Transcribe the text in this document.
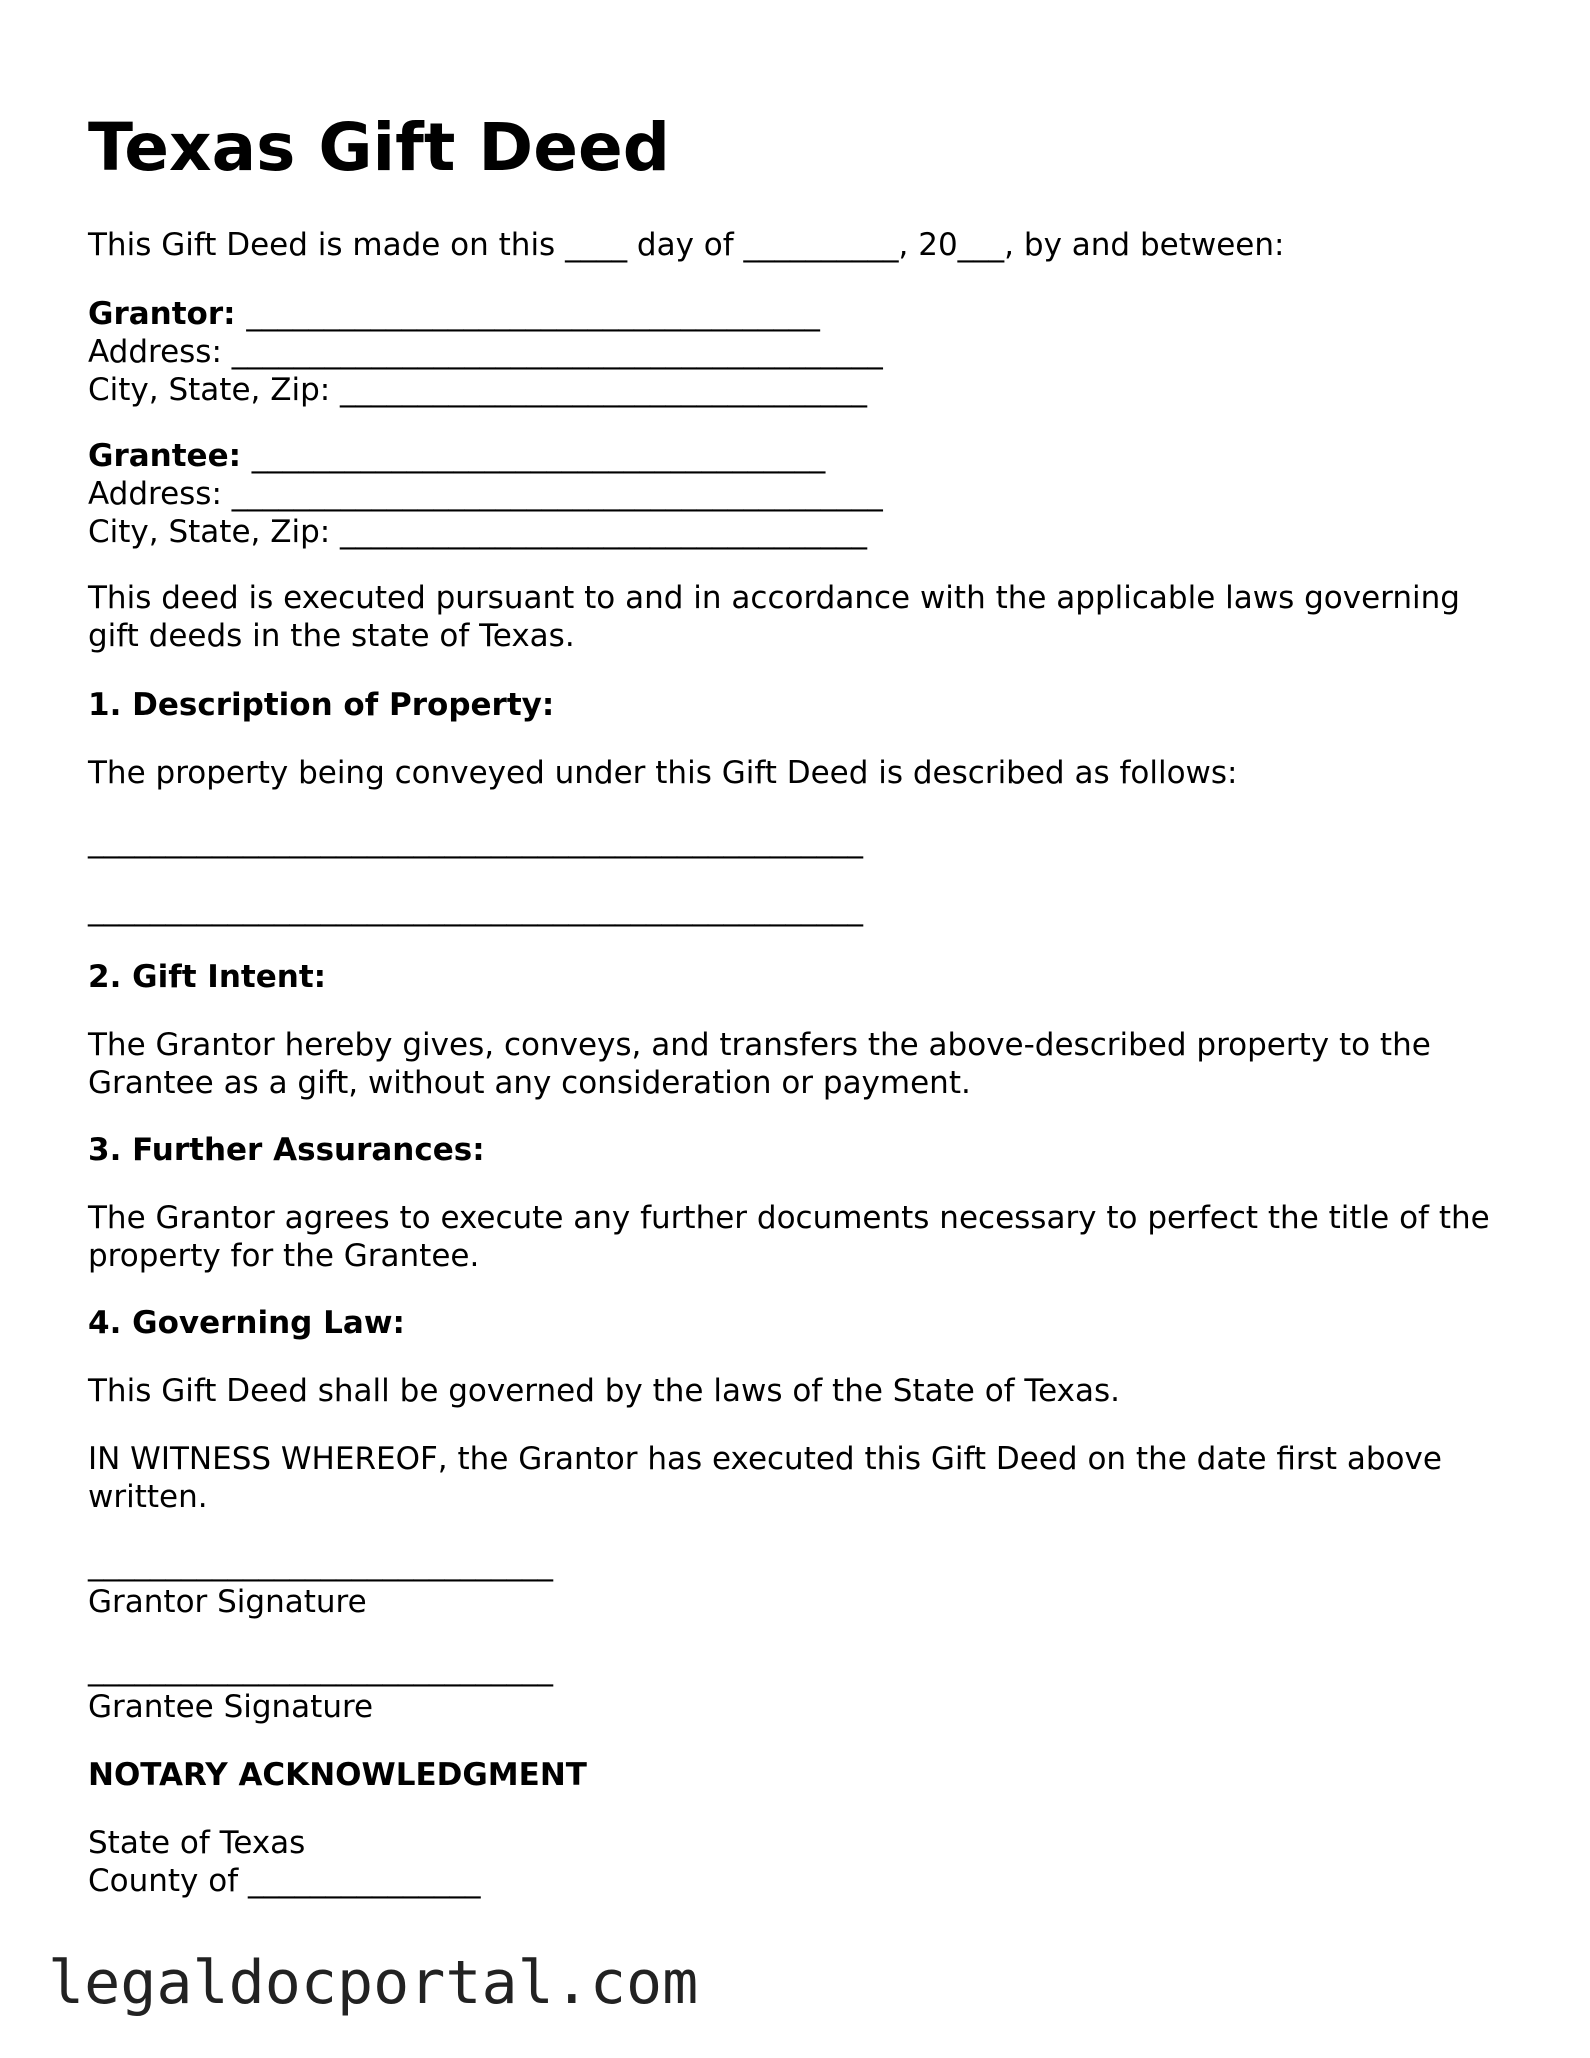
Texas Gift Deed
This Gift Deed is made on this ____ day of __________, 20___, by and between:
Grantor: _____________________________________
Address: __________________________________________
City, State, Zip: __________________________________
Grantee: _____________________________________
Address: __________________________________________
City, State, Zip: __________________________________
This deed is executed pursuant to and in accordance with the applicable laws governing gift deeds in the state of Texas.
1. Description of Property:
The property being conveyed under this Gift Deed is described as follows:
__________________________________________________
__________________________________________________
2. Gift Intent:
The Grantor hereby gives, conveys, and transfers the above-described property to the Grantee as a gift, without any consideration or payment.
3. Further Assurances:
The Grantor agrees to execute any further documents necessary to perfect the title of the property for the Grantee.
4. Governing Law:
This Gift Deed shall be governed by the laws of the State of Texas.
IN WITNESS WHEREOF, the Grantor has executed this Gift Deed on the date first above written.
______________________________
Grantor Signature
______________________________
Grantee Signature
NOTARY ACKNOWLEDGMENT
State of Texas
County of _______________
legaldocportal.com
